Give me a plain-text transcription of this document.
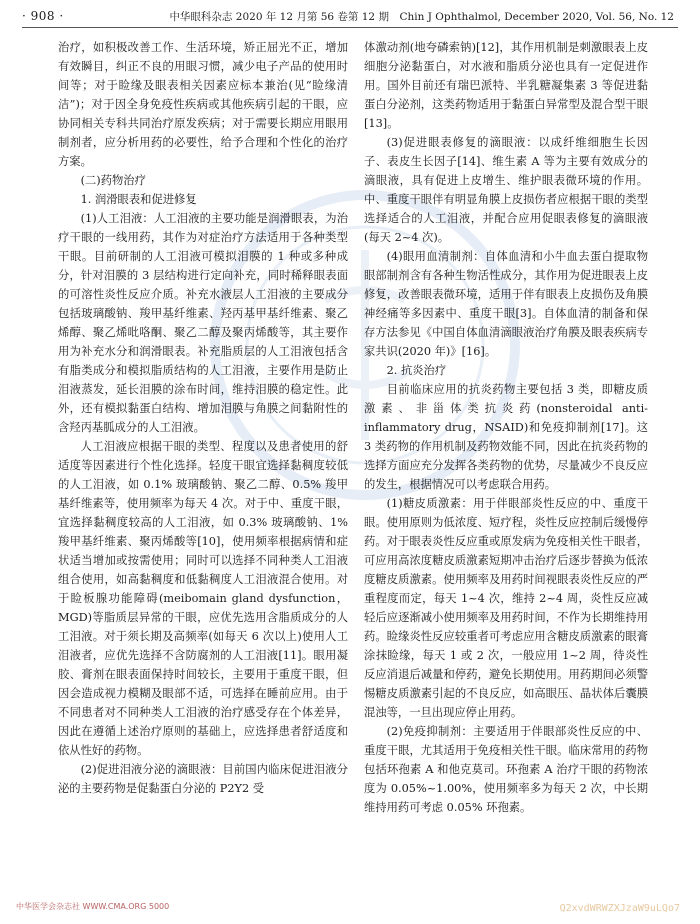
· 908 ·	中华眼科杂志 2020 年 12 月第 56 卷第 12 期　Chin J Ophthalmol, December 2020, Vol. 56, No. 12

治疗，如积极改善工作、生活环境，矫正屈光不正，增加有效瞬目，纠正不良的用眼习惯，减少电子产品的使用时间等；对于睑缘及眼表相关因素应标本兼治(见“睑缘清洁”)；对于因全身免疫性疾病或其他疾病引起的干眼，应协同相关专科共同治疗原发疾病；对于需要长期应用眼用制剂者，应分析用药的必要性，给予合理和个性化的治疗方案。

(二)药物治疗

1. 润滑眼表和促进修复

(1)人工泪液：人工泪液的主要功能是润滑眼表，为治疗干眼的一线用药，其作为对症治疗方法适用于各种类型干眼。目前研制的人工泪液可模拟泪膜的 1 种或多种成分，针对泪膜的 3 层结构进行定向补充，同时稀释眼表面的可溶性炎性反应介质。补充水液层人工泪液的主要成分包括玻璃酸钠、羧甲基纤维素、羟丙基甲基纤维素、聚乙烯醇、聚乙烯吡咯酮、聚乙二醇及聚丙烯酸等，其主要作用为补充水分和润滑眼表。补充脂质层的人工泪液包括含有脂类成分和模拟脂质结构的人工泪液，主要作用是防止泪液蒸发，延长泪膜的涂布时间，维持泪膜的稳定性。此外，还有模拟黏蛋白结构、增加泪膜与角膜之间黏附性的含羟丙基胍成分的人工泪液。

人工泪液应根据干眼的类型、程度以及患者使用的舒适度等因素进行个性化选择。轻度干眼宜选择黏稠度较低的人工泪液，如 0.1% 玻璃酸钠、聚乙二醇、0.5% 羧甲基纤维素等，使用频率为每天 4 次。对于中、重度干眼，宜选择黏稠度较高的人工泪液，如 0.3% 玻璃酸钠、1% 羧甲基纤维素、聚丙烯酸等[10]，使用频率根据病情和症状适当增加或按需使用；同时可以选择不同种类人工泪液组合使用，如高黏稠度和低黏稠度人工泪液混合使用。对于睑板腺功能障碍(meibomain gland dysfunction，MGD)等脂质层异常的干眼，应优先选用含脂质成分的人工泪液。对于须长期及高频率(如每天 6 次以上)使用人工泪液者，应优先选择不含防腐剂的人工泪液[11]。眼用凝胶、膏剂在眼表面保持时间较长，主要用于重度干眼，但因会造成视力模糊及眼部不适，可选择在睡前应用。由于不同患者对不同种类人工泪液的治疗感受存在个体差异，因此在遵循上述治疗原则的基础上，应选择患者舒适度和依从性好的药物。

(2)促进泪液分泌的滴眼液：目前国内临床促进泪液分泌的主要药物是促黏蛋白分泌的 P2Y2 受

体激动剂(地夸磷索钠)[12]，其作用机制是刺激眼表上皮细胞分泌黏蛋白，对水液和脂质分泌也具有一定促进作用。国外目前还有瑞巴派特、半乳糖凝集素 3 等促进黏蛋白分泌剂，这类药物适用于黏蛋白异常型及混合型干眼[13]。

(3)促进眼表修复的滴眼液：以成纤维细胞生长因子、表皮生长因子[14]、维生素 A 等为主要有效成分的滴眼液，具有促进上皮增生、维护眼表微环境的作用。中、重度干眼伴有明显角膜上皮损伤者应根据干眼的类型选择适合的人工泪液，并配合应用促眼表修复的滴眼液(每天 2~4 次)。

(4)眼用血清制剂：自体血清和小牛血去蛋白提取物眼部制剂含有各种生物活性成分，其作用为促进眼表上皮修复，改善眼表微环境，适用于伴有眼表上皮损伤及角膜神经痛等多因素中、重度干眼[3]。自体血清的制备和保存方法参见《中国自体血清滴眼液治疗角膜及眼表疾病专家共识(2020 年)》[16]。

2. 抗炎治疗

目前临床应用的抗炎药物主要包括 3 类，即糖皮质激素、非甾体类抗炎药(nonsteroidal anti-inflammatory drug，NSAID)和免疫抑制剂[17]。这 3 类药物的作用机制及药物效能不同，因此在抗炎药物的选择方面应充分发挥各类药物的优势，尽量减少不良反应的发生，根据情况可以考虑联合用药。

(1)糖皮质激素：用于伴眼部炎性反应的中、重度干眼。使用原则为低浓度、短疗程，炎性反应控制后缓慢停药。对于眼表炎性反应重或原发病为免疫相关性干眼者，可应用高浓度糖皮质激素短期冲击治疗后逐步替换为低浓度糖皮质激素。使用频率及用药时间视眼表炎性反应的严重程度而定，每天 1~4 次，维持 2~4 周，炎性反应减轻后应逐渐减小使用频率及用药时间，不作为长期维持用药。睑缘炎性反应较重者可考虑应用含糖皮质激素的眼膏涂抹睑缘，每天 1 或 2 次，一般应用 1~2 周，待炎性反应消退后减量和停药，避免长期使用。用药期间必须警惕糖皮质激素引起的不良反应，如高眼压、晶状体后囊膜混浊等，一旦出现应停止用药。

(2)免疫抑制剂：主要适用于伴眼部炎性反应的中、重度干眼，尤其适用于免疫相关性干眼。临床常用的药物包括环孢素 A 和他克莫司。环孢素 A 治疗干眼的药物浓度为 0.05%~1.00%，使用频率多为每天 2 次，中长期维持用药可考虑 0.05% 环孢素。

中华医学会杂志社 WWW.CMA.ORG 5000	Q2xvdWRWZXJzaW9uLQo7
